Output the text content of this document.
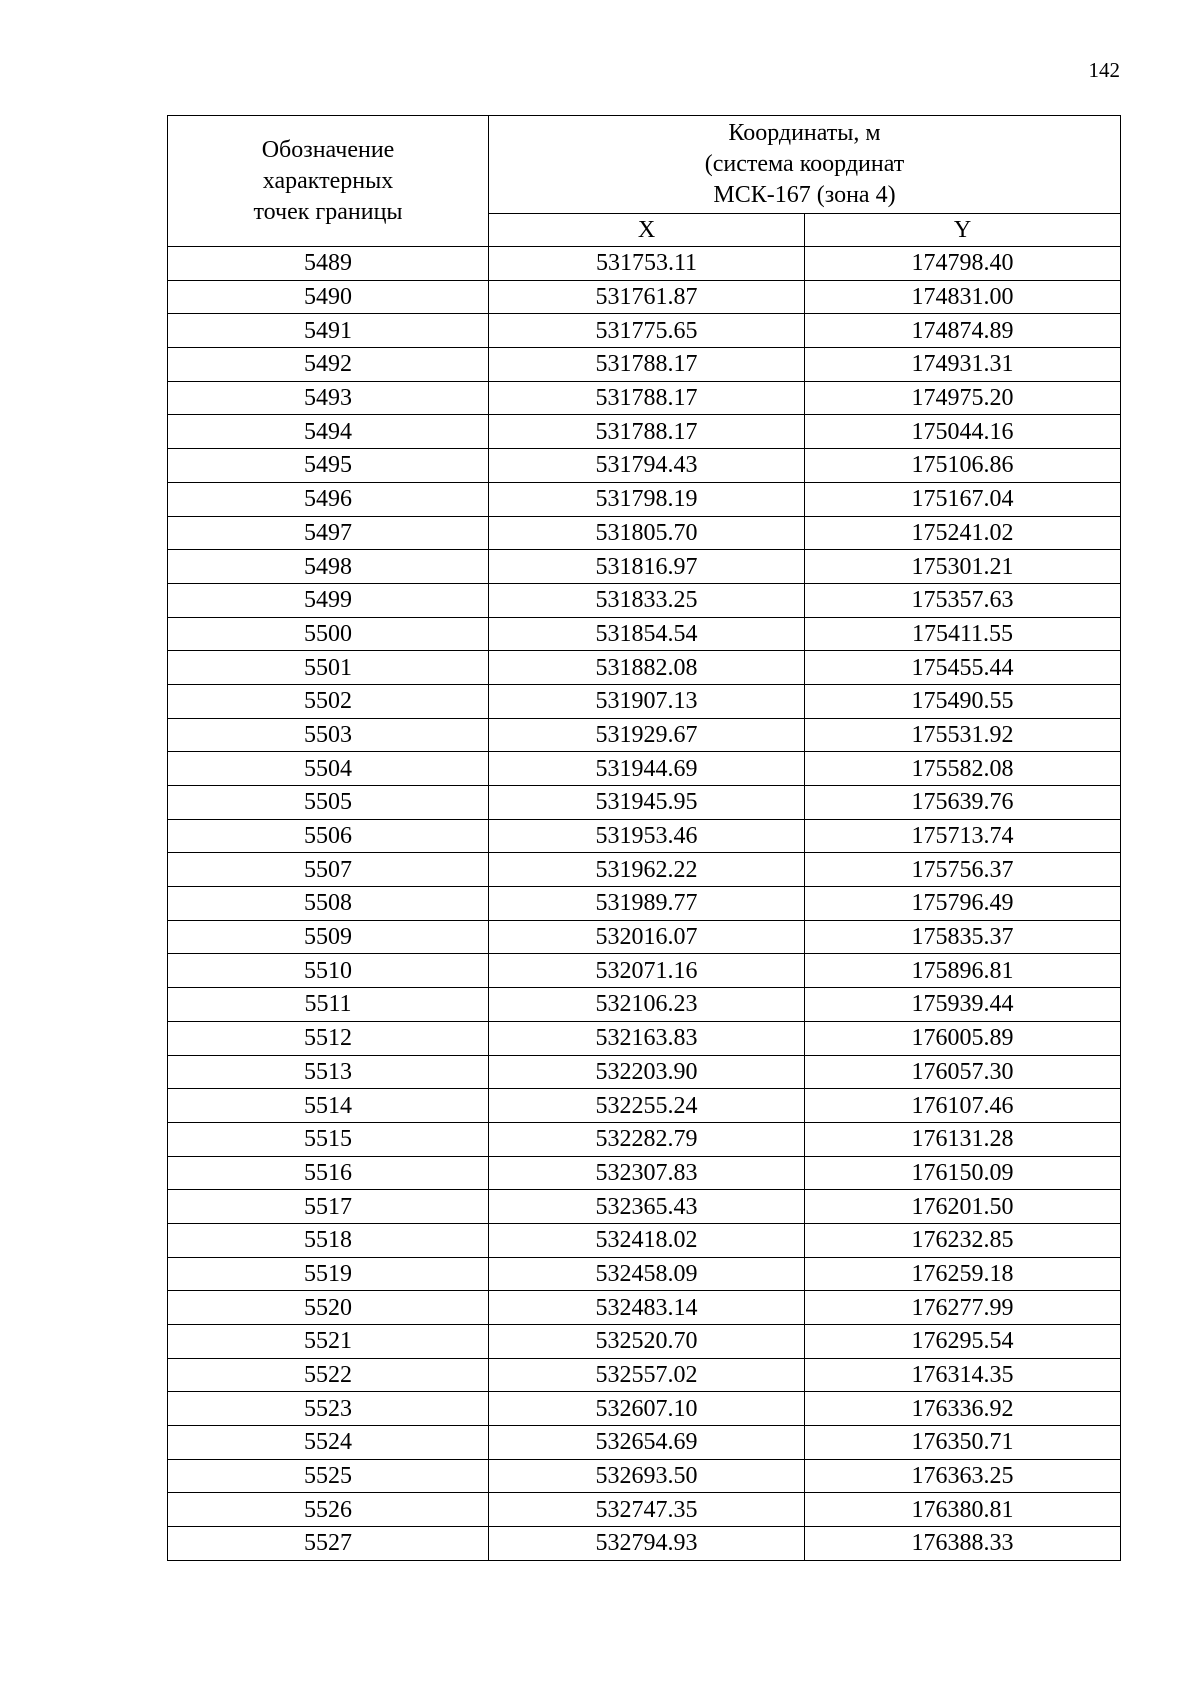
142
Обозначение
характерных
точек границы	Координаты, м
(система координат
МСК-167 (зона 4)	
	X	Y
5489	531753.11	174798.40
5490	531761.87	174831.00
5491	531775.65	174874.89
5492	531788.17	174931.31
5493	531788.17	174975.20
5494	531788.17	175044.16
5495	531794.43	175106.86
5496	531798.19	175167.04
5497	531805.70	175241.02
5498	531816.97	175301.21
5499	531833.25	175357.63
5500	531854.54	175411.55
5501	531882.08	175455.44
5502	531907.13	175490.55
5503	531929.67	175531.92
5504	531944.69	175582.08
5505	531945.95	175639.76
5506	531953.46	175713.74
5507	531962.22	175756.37
5508	531989.77	175796.49
5509	532016.07	175835.37
5510	532071.16	175896.81
5511	532106.23	175939.44
5512	532163.83	176005.89
5513	532203.90	176057.30
5514	532255.24	176107.46
5515	532282.79	176131.28
5516	532307.83	176150.09
5517	532365.43	176201.50
5518	532418.02	176232.85
5519	532458.09	176259.18
5520	532483.14	176277.99
5521	532520.70	176295.54
5522	532557.02	176314.35
5523	532607.10	176336.92
5524	532654.69	176350.71
5525	532693.50	176363.25
5526	532747.35	176380.81
5527	532794.93	176388.33
